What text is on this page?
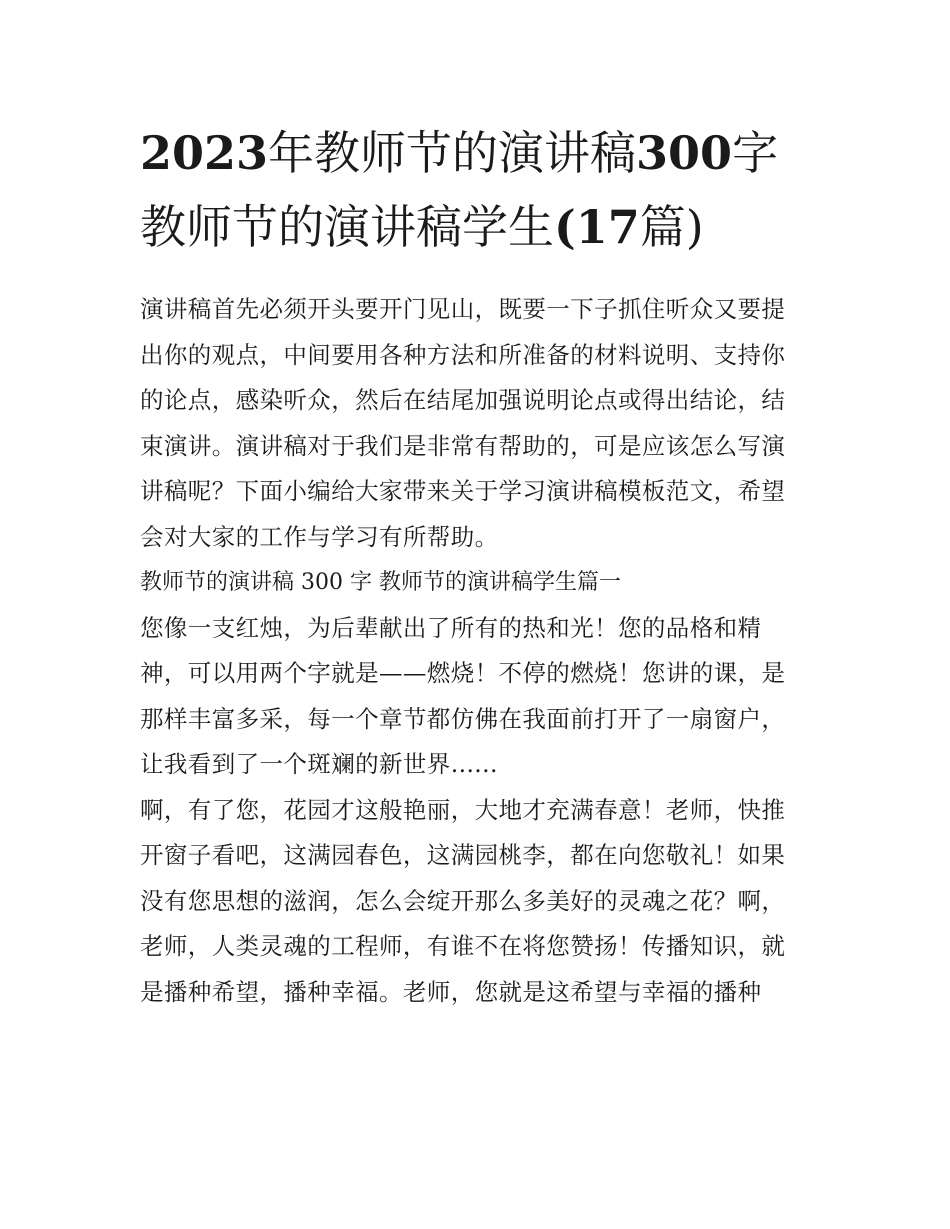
2023年教师节的演讲稿300字
教师节的演讲稿学生(17篇)

演讲稿首先必须开头要开门见山，既要一下子抓住听众又要提
出你的观点，中间要用各种方法和所准备的材料说明、支持你
的论点，感染听众，然后在结尾加强说明论点或得出结论，结
束演讲。演讲稿对于我们是非常有帮助的，可是应该怎么写演
讲稿呢？下面小编给大家带来关于学习演讲稿模板范文，希望
会对大家的工作与学习有所帮助。

教师节的演讲稿 300 字 教师节的演讲稿学生篇一

您像一支红烛，为后辈献出了所有的热和光！您的品格和精
神，可以用两个字就是——燃烧！不停的燃烧！您讲的课，是
那样丰富多采，每一个章节都仿佛在我面前打开了一扇窗户，
让我看到了一个斑斓的新世界......

啊，有了您，花园才这般艳丽，大地才充满春意！老师，快推
开窗子看吧，这满园春色，这满园桃李，都在向您敬礼！如果
没有您思想的滋润，怎么会绽开那么多美好的灵魂之花？啊，
老师，人类灵魂的工程师，有谁不在将您赞扬！传播知识，就
是播种希望，播种幸福。老师，您就是这希望与幸福的播种
